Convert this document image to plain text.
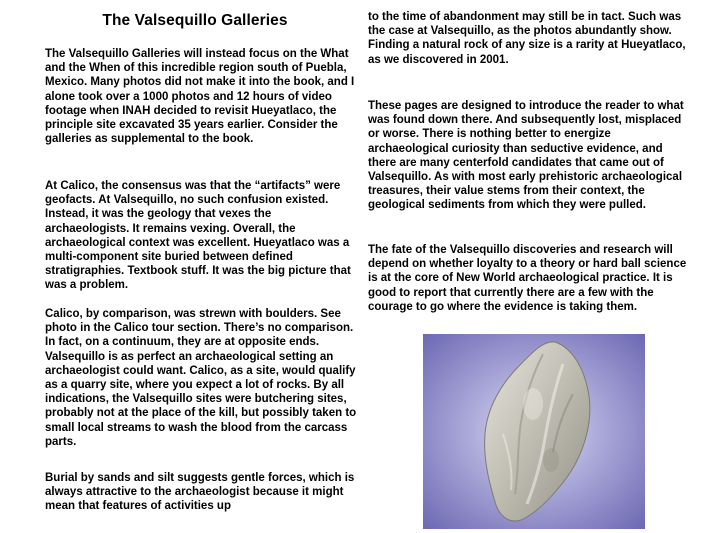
The Valsequillo Galleries

The Valsequillo Galleries will instead focus on the What and the When of this incredible region south of Puebla, Mexico. Many photos did not make it into the book, and I alone took over a 1000 photos and 12 hours of video footage when INAH decided to revisit Hueyatlaco, the principle site excavated 35 years earlier. Consider the galleries as supplemental to the book.

At Calico, the consensus was that the “artifacts” were geofacts. At Valsequillo, no such confusion existed. Instead, it was the geology that vexes the archaeologists. It remains vexing. Overall, the archaeological context was excellent. Hueyatlaco was a multi-component site buried between defined stratigraphies. Textbook stuff. It was the big picture that was a problem.

Calico, by comparison, was strewn with boulders. See photo in the Calico tour section. There’s no comparison. In fact, on a continuum, they are at opposite ends. Valsequillo is as perfect an archaeological setting an archaeologist could want. Calico, as a site, would qualify as a quarry site, where you expect a lot of rocks. By all indications, the Valsequillo sites were butchering sites, probably not at the place of the kill, but possibly taken to small local streams to wash the blood from the carcass parts.

Burial by sands and silt suggests gentle forces, which is always attractive to the archaeologist because it might mean that features of activities up

to the time of abandonment may still be in tact. Such was the case at Valsequillo, as the photos abundantly show. Finding a natural rock of any size is a rarity at Hueyatlaco, as we discovered in 2001.

These pages are designed to introduce the reader to what was found down there. And subsequently lost, misplaced or worse. There is nothing better to energize archaeological curiosity than seductive evidence, and there are many centerfold candidates that came out of Valsequillo. As with most early prehistoric archaeological treasures, their value stems from their context, the geological sediments from which they were pulled.

The fate of the Valsequillo discoveries and research will depend on whether loyalty to a theory or hard ball science is at the core of New World archaeological practice. It is good to report that currently there are a few with the courage to go where the evidence is taking them.
